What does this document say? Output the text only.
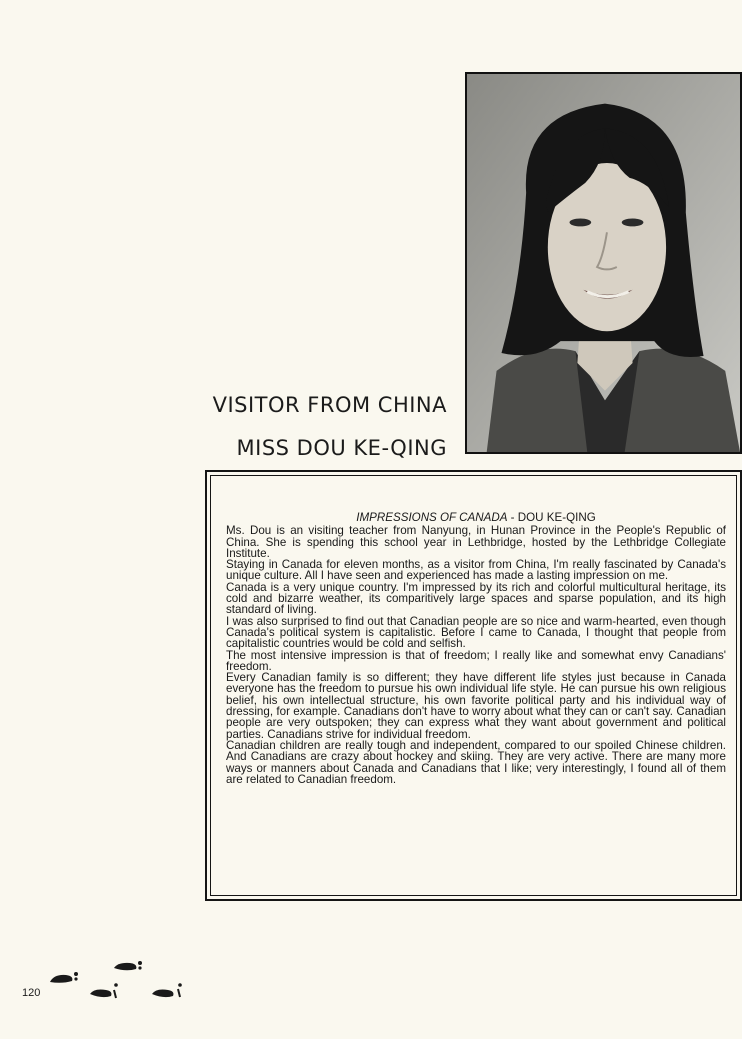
VISITOR FROM CHINA
MISS DOU KE-QING

IMPRESSIONS OF CANADA - DOU KE-QING

Ms. Dou is an visiting teacher from Nanyung, in Hunan Province in the People's Republic of China. She is spending this school year in Lethbridge, hosted by the Lethbridge Collegiate Institute.

Staying in Canada for eleven months, as a visitor from China, I'm really fascinated by Canada's unique culture. All I have seen and experienced has made a lasting impression on me.

Canada is a very unique country. I'm impressed by its rich and colorful multicultural heritage, its cold and bizarre weather, its comparitively large spaces and sparse population, and its high standard of living.

I was also surprised to find out that Canadian people are so nice and warm-hearted, even though Canada's political system is capitalistic. Before I came to Canada, I thought that people from capitalistic countries would be cold and selfish.

The most intensive impression is that of freedom; I really like and somewhat envy Canadians' freedom.

Every Canadian family is so different; they have different life styles just because in Canada everyone has the freedom to pursue his own individual life style. He can pursue his own religious belief, his own intellectual structure, his own favorite political party and his individual way of dressing, for example. Canadians don't have to worry about what they can or can't say. Canadian people are very outspoken; they can express what they want about government and political parties. Canadians strive for individual freedom.

Canadian children are really tough and independent, compared to our spoiled Chinese children. And Canadians are crazy about hockey and skiing. They are very active. There are many more ways or manners about Canada and Canadians that I like; very interestingly, I found all of them are related to Canadian freedom.

120
